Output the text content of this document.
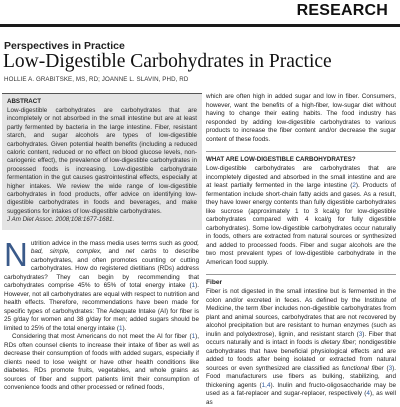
RESEARCH
Perspectives in Practice
Low-Digestible Carbohydrates in Practice
HOLLIE A. GRABITSKE, MS, RD; JOANNE L. SLAVIN, PHD, RD
ABSTRACT
Low-digestible carbohydrates are carbohydrates that are incompletely or not absorbed in the small intestine but are at least partly fermented by bacteria in the large intestine. Fiber, resistant starch, and sugar alcohols are types of low-digestible carbohydrates. Given potential health benefits (including a reduced caloric content, reduced or no effect on blood glucose levels, non-cariogenic effect), the prevalence of low-digestible carbohydrates in processed foods is increasing. Low-digestible carbohydrate fermentation in the gut causes gastrointestinal effects, especially at higher intakes. We review the wide range of low-digestible carbohydrates in food products, offer advice on identifying low-digestible carbohydrates in foods and beverages, and make suggestions for intakes of low-digestible carbohydrates.
J Am Diet Assoc. 2008;108:1677-1681.
Nutrition advice in the mass media uses terms such as good, bad, simple, complex, and net carbs to describe carbohydrates, and often promotes counting or cutting carbohydrates. How do registered dietitians (RDs) address carbohydrates? They can begin by recommending that carbohydrates comprise 45% to 65% of total energy intake (1). However, not all carbohydrates are equal with respect to nutrition and health effects. Therefore, recommendations have been made for specific types of carbohydrates: The Adequate Intake (AI) for fiber is 25 g/day for women and 38 g/day for men; added sugars should be limited to 25% of the total energy intake (1).
Considering that most Americans do not meet the AI for fiber (1), RDs often counsel clients to increase their intake of fiber as well as decrease their consumption of foods with added sugars, especially if clients need to lose weight or have other health conditions like diabetes. RDs promote fruits, vegetables, and whole grains as sources of fiber and support patients limit their consumption of convenience foods and other processed or refined foods,
which are often high in added sugar and low in fiber. Consumers, however, want the benefits of a high-fiber, low-sugar diet without having to change their eating habits. The food industry has responded by adding low-digestible carbohydrates to various products to increase the fiber content and/or decrease the sugar content of these foods.
WHAT ARE LOW-DIGESTIBLE CARBOHYDRATES?
Low-digestible carbohydrates are carbohydrates that are incompletely digested and absorbed in the small intestine and are at least partially fermented in the large intestine (2). Products of fermentation include short-chain fatty acids and gases. As a result, they have lower energy contents than fully digestible carbohydrates like sucrose (approximately 1 to 3 kcal/g for low-digestible carbohydrates compared with 4 kcal/g for fully digestible carbohydrates). Some low-digestible carbohydrates occur naturally in foods, others are extracted from natural sources or synthesized and added to processed foods. Fiber and sugar alcohols are the two most prevalent types of low-digestible carbohydrate in the American food supply.
Fiber
Fiber is not digested in the small intestine but is fermented in the colon and/or excreted in feces. As defined by the Institute of Medicine, the term fiber includes non-digestible carbohydrates from plant and animal sources, carbohydrates that are not recovered by alcohol precipitation but are resistant to human enzymes (such as inulin and polydextrose), lignin, and resistant starch (3). Fiber that occurs naturally and is intact in foods is dietary fiber; nondigestible carbohydrates that have beneficial physiological effects and are added to foods after being isolated or extracted from natural sources or even synthesized are classified as functional fiber (3). Food manufacturers use fibers as bulking, stabilizing, and thickening agents (1,4). Inulin and fructo-oligosaccharide may be used as a fat-replacer and sugar-replacer, respectively (4), as well as
